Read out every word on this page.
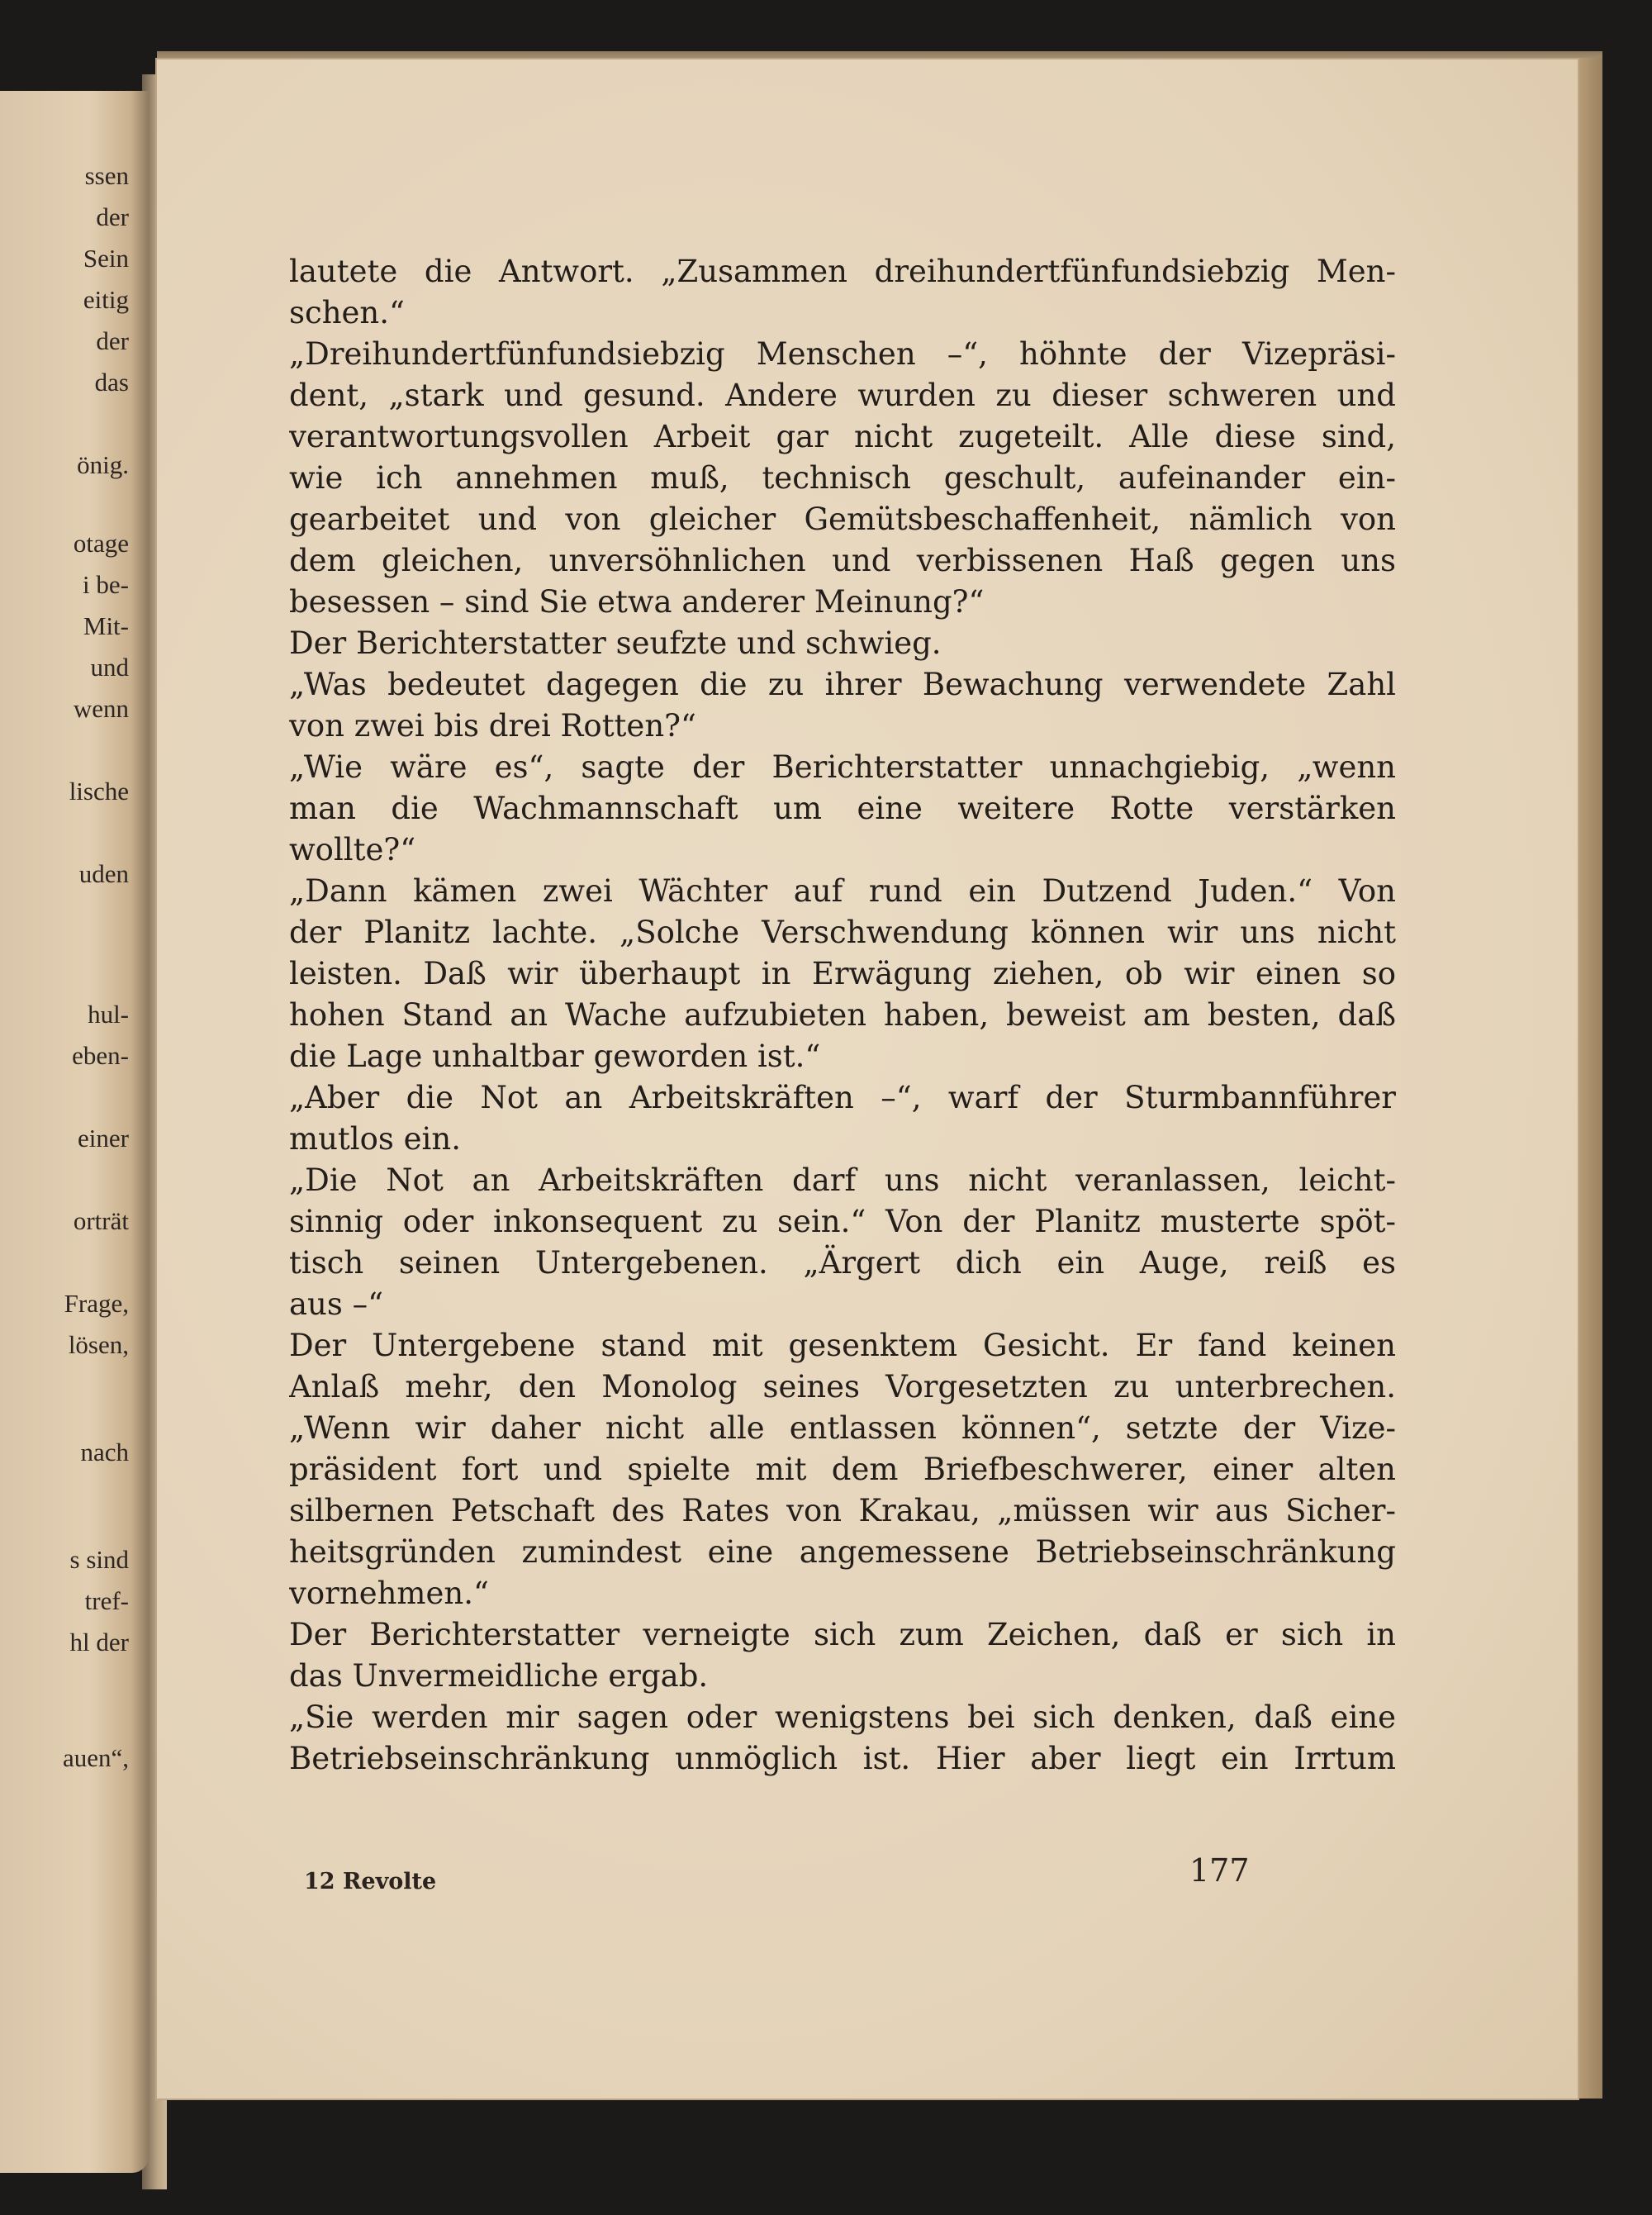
ssen
der
Sein
eitig
der
das
önig.
otage
i be-
Mit-
und
wenn
lische
uden
hul-
eben-
einer
orträt
Frage,
lösen,
nach
s sind
tref-
hl der
auen“,
lautete die Antwort. „Zusammen dreihundertfünfundsiebzig Men-
schen.“
„Dreihundertfünfundsiebzig Menschen –“, höhnte der Vizepräsi-
dent, „stark und gesund. Andere wurden zu dieser schweren und
verantwortungsvollen Arbeit gar nicht zugeteilt. Alle diese sind,
wie ich annehmen muß, technisch geschult, aufeinander ein-
gearbeitet und von gleicher Gemütsbeschaffenheit, nämlich von
dem gleichen, unversöhnlichen und verbissenen Haß gegen uns
besessen – sind Sie etwa anderer Meinung?“
Der Berichterstatter seufzte und schwieg.
„Was bedeutet dagegen die zu ihrer Bewachung verwendete Zahl
von zwei bis drei Rotten?“
„Wie wäre es“, sagte der Berichterstatter unnachgiebig, „wenn
man die Wachmannschaft um eine weitere Rotte verstärken
wollte?“
„Dann kämen zwei Wächter auf rund ein Dutzend Juden.“ Von
der Planitz lachte. „Solche Verschwendung können wir uns nicht
leisten. Daß wir überhaupt in Erwägung ziehen, ob wir einen so
hohen Stand an Wache aufzubieten haben, beweist am besten, daß
die Lage unhaltbar geworden ist.“
„Aber die Not an Arbeitskräften –“, warf der Sturmbannführer
mutlos ein.
„Die Not an Arbeitskräften darf uns nicht veranlassen, leicht-
sinnig oder inkonsequent zu sein.“ Von der Planitz musterte spöt-
tisch seinen Untergebenen. „Ärgert dich ein Auge, reiß es
aus –“
Der Untergebene stand mit gesenktem Gesicht. Er fand keinen
Anlaß mehr, den Monolog seines Vorgesetzten zu unterbrechen.
„Wenn wir daher nicht alle entlassen können“, setzte der Vize-
präsident fort und spielte mit dem Briefbeschwerer, einer alten
silbernen Petschaft des Rates von Krakau, „müssen wir aus Sicher-
heitsgründen zumindest eine angemessene Betriebseinschränkung
vornehmen.“
Der Berichterstatter verneigte sich zum Zeichen, daß er sich in
das Unvermeidliche ergab.
„Sie werden mir sagen oder wenigstens bei sich denken, daß eine
Betriebseinschränkung unmöglich ist. Hier aber liegt ein Irrtum
12 Revolte	177
